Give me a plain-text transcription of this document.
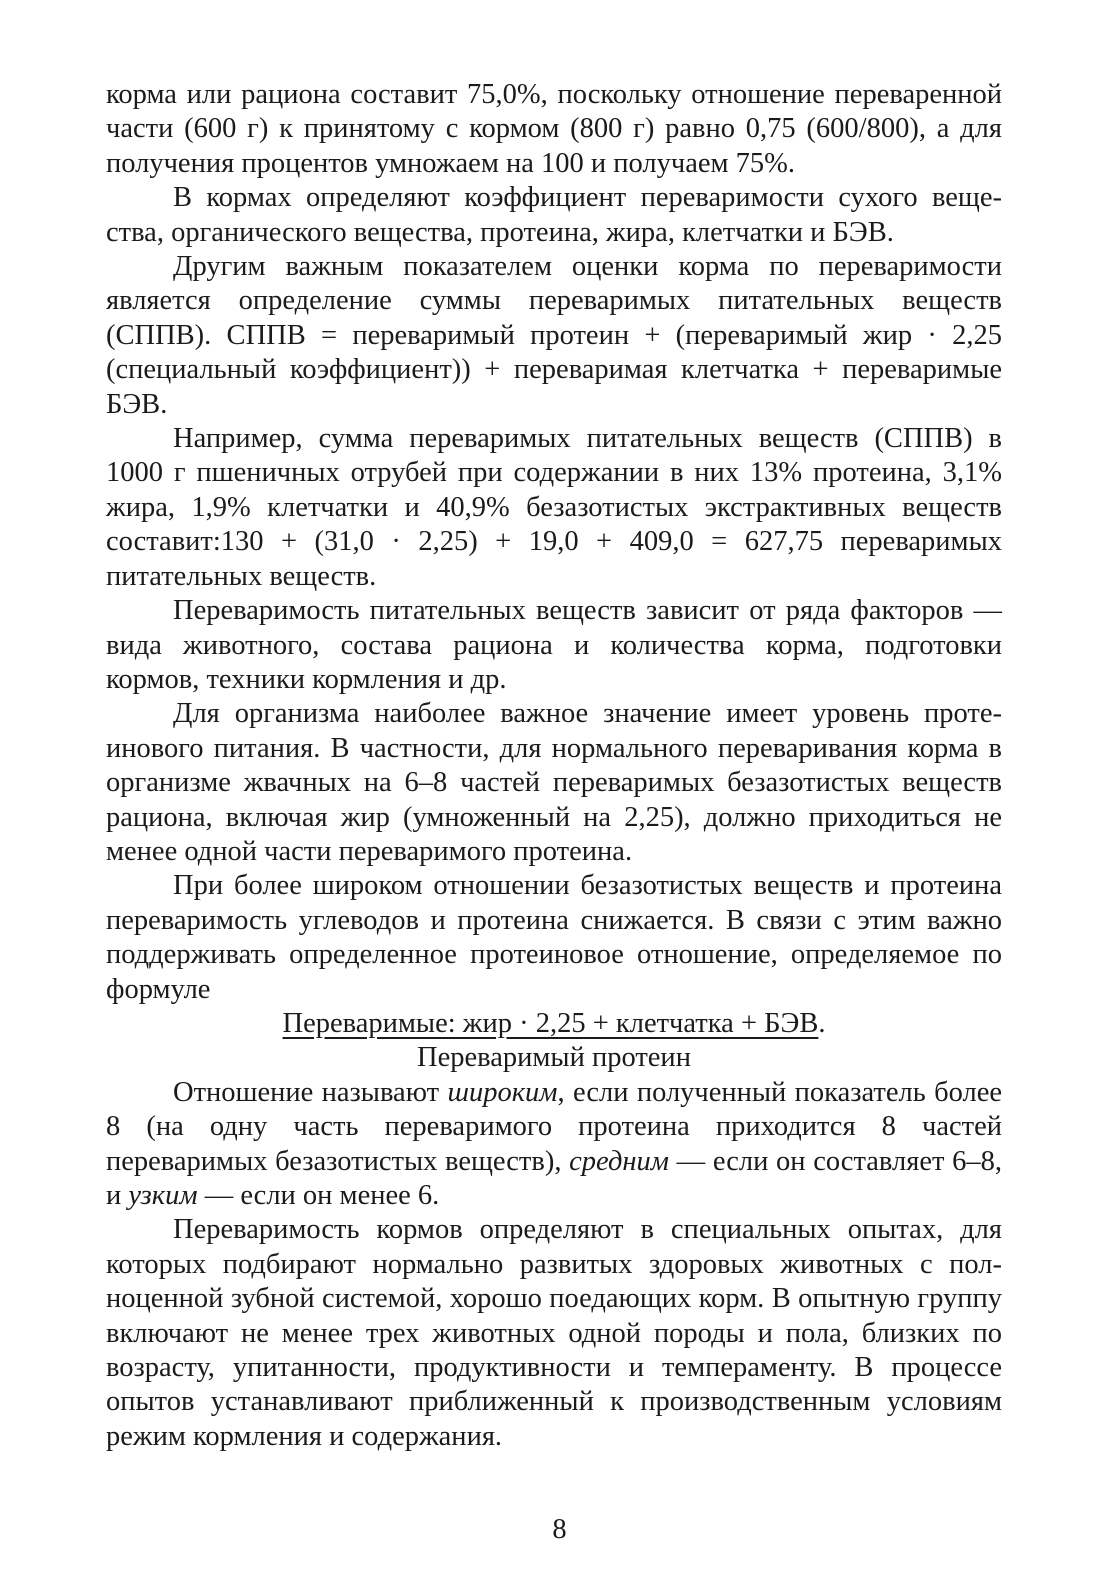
корма или рациона составит 75,0%, поскольку отношение переваренной части (600 г) к принятому с кормом (800 г) равно 0,75 (600/800), а для получения процентов умножаем на 100 и получаем 75%.

В кормах определяют коэффициент переваримости сухого вещества, органического вещества, протеина, жира, клетчатки и БЭВ.

Другим важным показателем оценки корма по переваримости является определение суммы переваримых питательных веществ (СППВ). СППВ = переваримый протеин + (переваримый жир · 2,25 (специальный коэффициент)) + переваримая клетчатка + переваримые БЭВ.

Например, сумма переваримых питательных веществ (СППВ) в 1000 г пшеничных отрубей при содержании в них 13% протеина, 3,1% жира, 1,9% клетчатки и 40,9% безазотистых экстрактивных веществ составит:130 + (31,0 · 2,25) + 19,0 + 409,0 = 627,75 переваримых питательных веществ.

Переваримость питательных веществ зависит от ряда факторов — вида животного, состава рациона и количества корма, подготовки кормов, техники кормления и др.

Для организма наиболее важное значение имеет уровень протеинового питания. В частности, для нормального переваривания корма в организме жвачных на 6–8 частей переваримых безазотистых веществ рациона, включая жир (умноженный на 2,25), должно приходиться не менее одной части переваримого протеина.

При более широком отношении безазотистых веществ и протеина переваримость углеводов и протеина снижается. В связи с этим важно поддерживать определенное протеиновое отношение, определяемое по формуле

Переваримые: жир · 2,25 + клетчатка + БЭВ.

Переваримый протеин

Отношение называют широким, если полученный показатель более 8 (на одну часть переваримого протеина приходится 8 частей переваримых безазотистых веществ), средним — если он составляет 6–8, и узким — если он менее 6.

Переваримость кормов определяют в специальных опытах, для которых подбирают нормально развитых здоровых животных с полноценной зубной системой, хорошо поедающих корм. В опытную группу включают не менее трех животных одной породы и пола, близких по возрасту, упитанности, продуктивности и темпераменту. В процессе опытов устанавливают приближенный к производственным условиям режим кормления и содержания.

8
